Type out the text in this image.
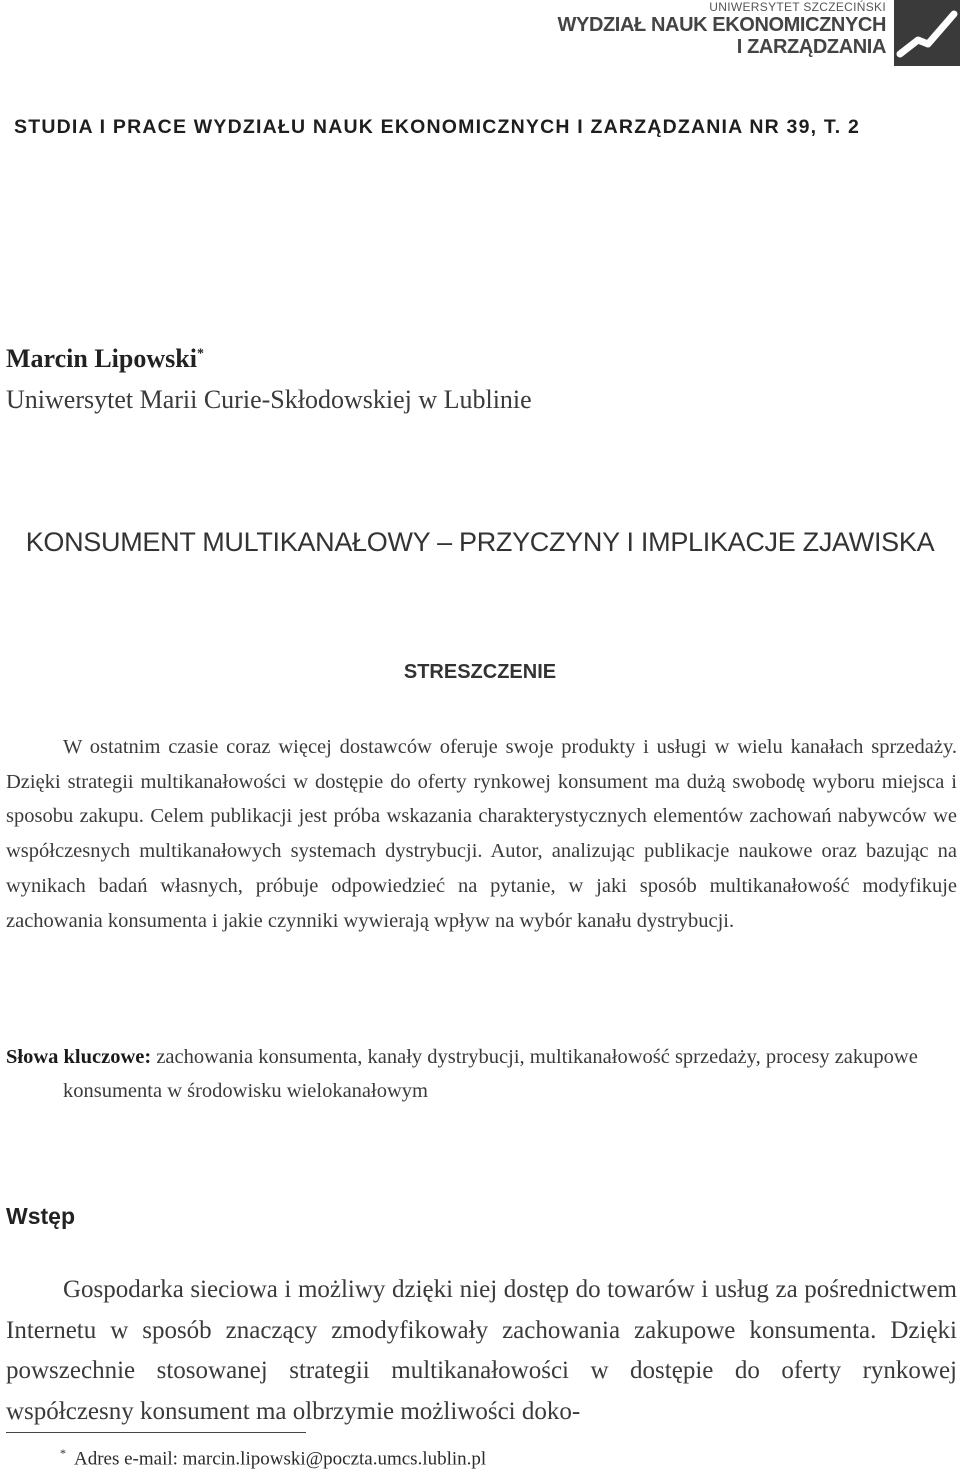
UNIWERSYTET SZCZECIŃSKI
WYDZIAŁ NAUK EKONOMICZNYCH
I ZARZĄDZANIA
STUDIA I PRACE WYDZIAŁU NAUK EKONOMICZNYCH I ZARZĄDZANIA NR 39, T. 2
Marcin Lipowski*
Uniwersytet Marii Curie-Skłodowskiej w Lublinie
KONSUMENT MULTIKANAŁOWY – PRZYCZYNY I IMPLIKACJE ZJAWISKA
STRESZCZENIE

W ostatnim czasie coraz więcej dostawców oferuje swoje produkty i usługi w wielu kanałach sprzedaży. Dzięki strategii multikanałowości w dostępie do oferty rynkowej konsument ma dużą swobodę wyboru miejsca i sposobu zakupu. Celem publikacji jest próba wskazania charakterystycznych elementów zachowań nabywców we współczesnych multikanałowych systemach dystrybucji. Autor, analizując publikacje naukowe oraz bazując na wynikach badań własnych, próbuje odpowiedzieć na pytanie, w jaki sposób multikanałowość modyfikuje zachowania konsumenta i jakie czynniki wywierają wpływ na wybór kanału dystrybucji.

Słowa kluczowe: zachowania konsumenta, kanały dystrybucji, multikanałowość sprzedaży, procesy zakupowe konsumenta w środowisku wielokanałowym

Wstęp

Gospodarka sieciowa i możliwy dzięki niej dostęp do towarów i usług za pośrednictwem Internetu w sposób znaczący zmodyfikowały zachowania zakupowe konsumenta. Dzięki powszechnie stosowanej strategii multikanałowości w dostępie do oferty rynkowej współczesny konsument ma olbrzymie możliwości doko-

* Adres e-mail: marcin.lipowski@poczta.umcs.lublin.pl
